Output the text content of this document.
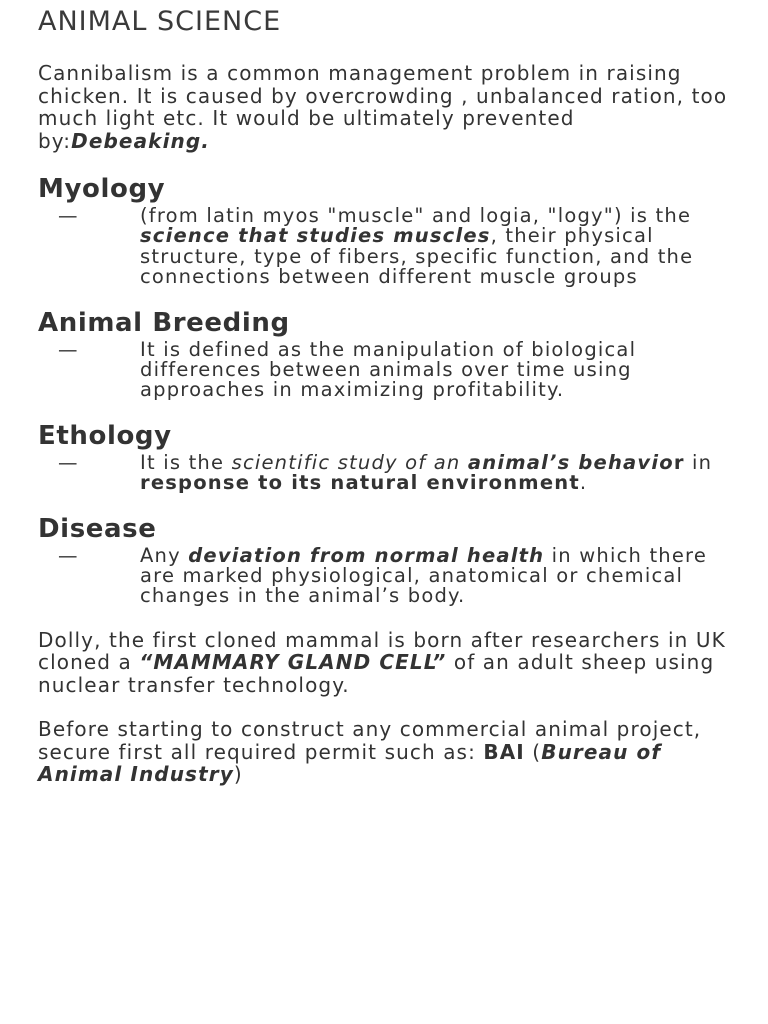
ANIMAL SCIENCE

Cannibalism is a common management problem in raising chicken. It is caused by overcrowding , unbalanced ration, too much light etc. It would be ultimately prevented by:Debeaking.

Myology
—	(from latin myos "muscle" and logia, "logy") is the science that studies muscles, their physical structure, type of fibers, specific function, and the connections between different muscle groups
Animal Breeding
—	It is defined as the manipulation of biological differences between animals over time using approaches in maximizing profitability.
Ethology
—	It is the scientific study of an animal’s behavior in response to its natural environment.
Disease
—	Any deviation from normal health in which there are marked physiological, anatomical or chemical changes in the animal’s body.

Dolly, the first cloned mammal is born after researchers in UK cloned a “MAMMARY GLAND CELL” of an adult sheep using nuclear transfer technology.

Before starting to construct any commercial animal project, secure first all required permit such as: BAI (Bureau of Animal Industry)
